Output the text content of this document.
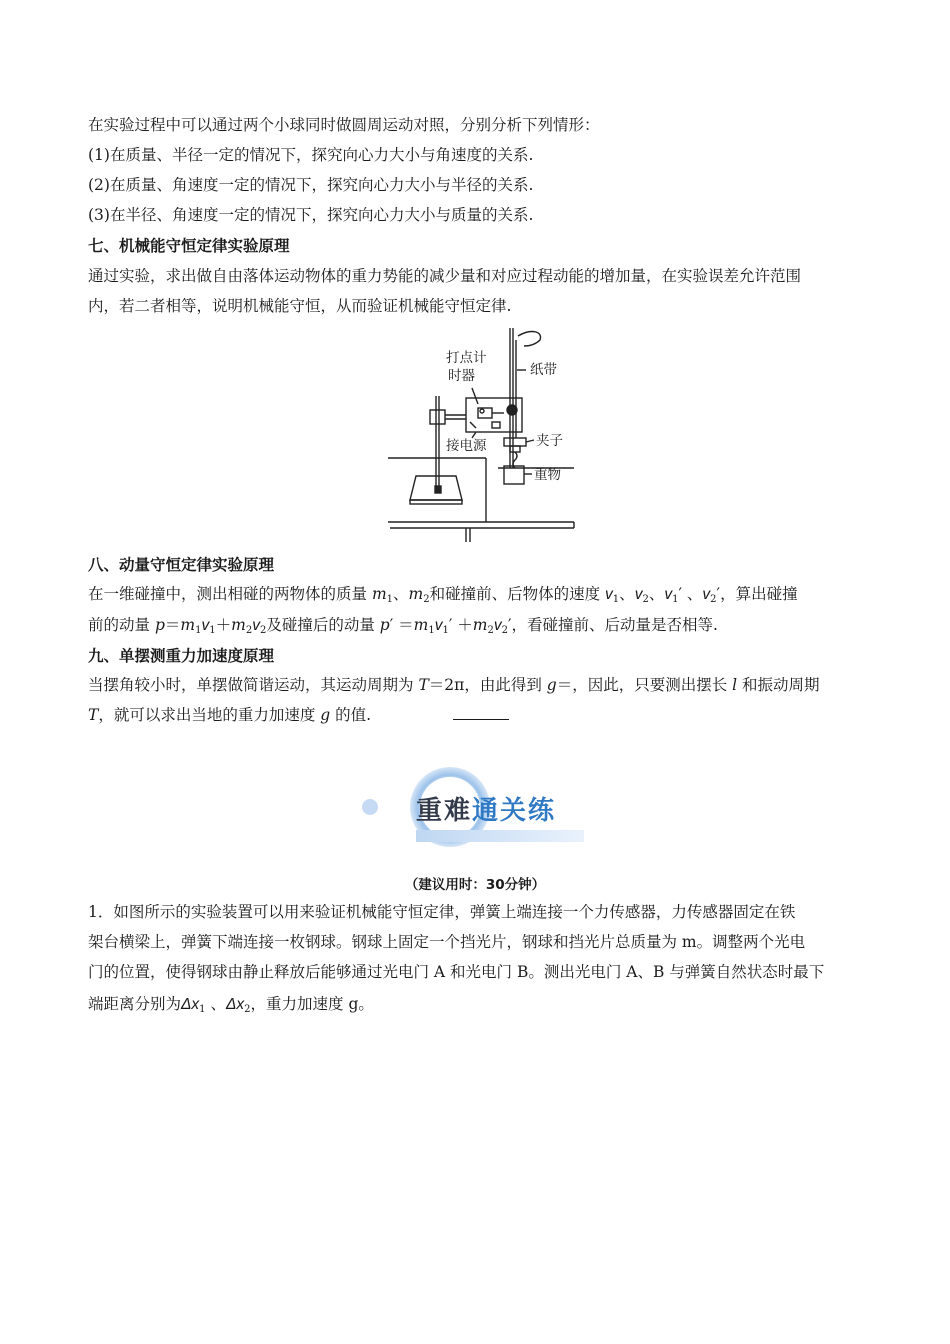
在实验过程中可以通过两个小球同时做圆周运动对照，分别分析下列情形：
(1)在质量、半径一定的情况下，探究向心力大小与角速度的关系.
(2)在质量、角速度一定的情况下，探究向心力大小与半径的关系.
(3)在半径、角速度一定的情况下，探究向心力大小与质量的关系.
七、机械能守恒定律实验原理
通过实验，求出做自由落体运动物体的重力势能的减少量和对应过程动能的增加量，在实验误差允许范围
内，若二者相等，说明机械能守恒，从而验证机械能守恒定律.
打点计
时器	纸带
接电源	夹子
重物
八、动量守恒定律实验原理
在一维碰撞中，测出相碰的两物体的质量 $m_1$、$m_2$和碰撞前、后物体的速度 $v_1$、$v_2$、$v_1'$ 、$v_2'$，算出碰撞
前的动量 $p=m_1v_1+m_2v_2$及碰撞后的动量 $p' =m_1v_1' +m_2v_2'$，看碰撞前、后动量是否相等.
九、单摆测重力加速度原理
当摆角较小时，单摆做简谐运动，其运动周期为 T＝2π，由此得到 g＝，因此，只要测出摆长 l 和振动周期
T，就可以求出当地的重力加速度 g 的值.
重难通关练
（建议用时：30分钟）
1．如图所示的实验装置可以用来验证机械能守恒定律，弹簧上端连接一个力传感器，力传感器固定在铁
架台横梁上，弹簧下端连接一枚钢球。钢球上固定一个挡光片，钢球和挡光片总质量为 m。调整两个光电
门的位置，使得钢球由静止释放后能够通过光电门 A 和光电门 B。测出光电门 A、B 与弹簧自然状态时最下
端距离分别为$\Delta x_1$ 、$\Delta x_2$，重力加速度 g。
